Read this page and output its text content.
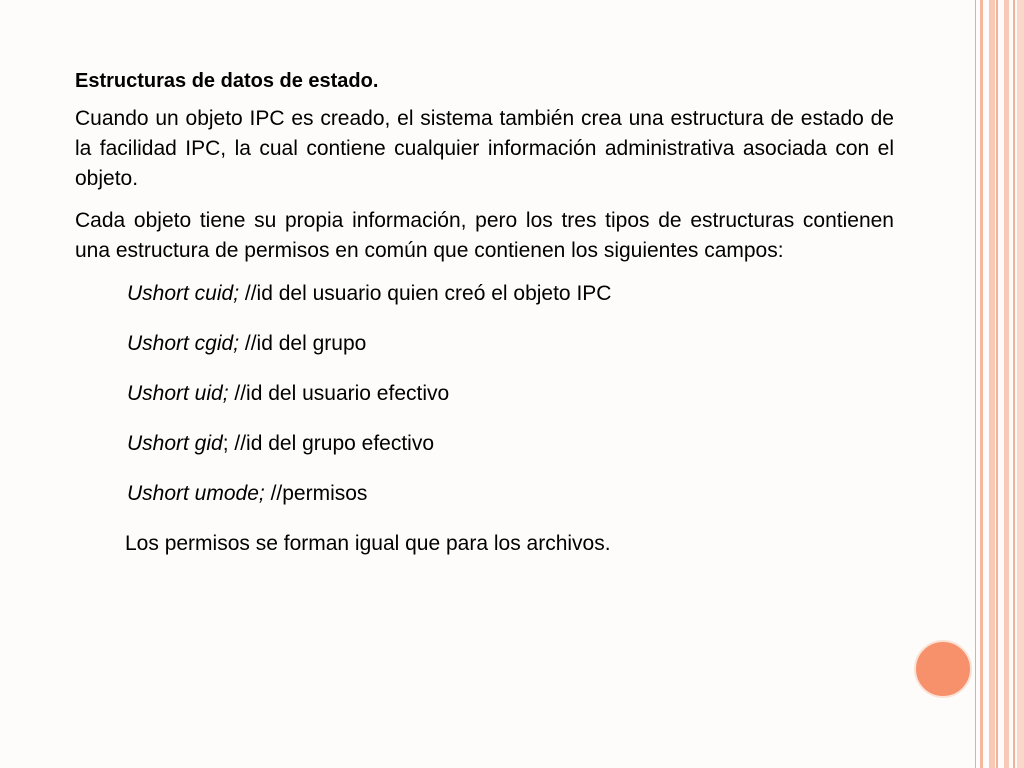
Estructuras de datos de estado.

Cuando un objeto IPC es creado, el sistema también crea una estructura de estado de la facilidad IPC, la cual contiene cualquier información administrativa asociada con el objeto.

Cada objeto tiene su propia información, pero los tres tipos de estructuras contienen una estructura de permisos en común que contienen los siguientes campos:

Ushort cuid; //id del usuario quien creó el objeto IPC
Ushort cgid; //id del grupo
Ushort uid; //id del usuario efectivo
Ushort gid; //id del grupo efectivo
Ushort umode; //permisos
Los permisos se forman igual que para los archivos.
